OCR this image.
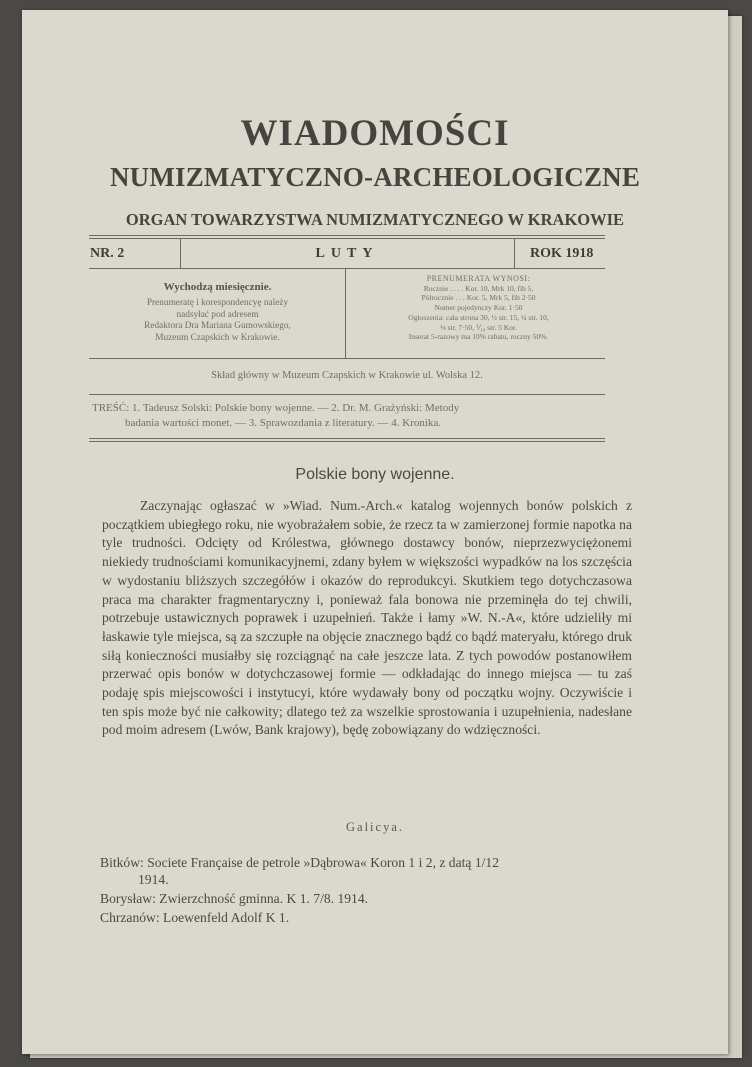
WIADOMOŚCI
NUMIZMATYCZNO-ARCHEOLOGICZNE
ORGAN TOWARZYSTWA NUMIZMATYCZNEGO W KRAKOWIE
NR. 2	LUTY	ROK 1918
Wychodzą miesięcznie.
Prenumeratę i korespondencyę należy
nadsyłać pod adresem
Redaktora Dra Mariana Gumowskiego,
Muzeum Czapskich w Krakowie.
PRENUMERATA WYNOSI:
Rocznie . . . . Kor. 10, Mrk 10, fib 5,
Półrocznie . . . Kor. 5, Mrk 5, fib 2·50
Numer pojedynczy Kor. 1·50
Ogłoszenia: cała strona 30, ½ str. 15, ¼ str. 10,
⅛ str. 7·50, ⅟₁₆ str. 5 Kor.
Inserat 5-razowy ma 10% rabatu, roczny 50%.
Skład główny w Muzeum Czapskich w Krakowie ul. Wolska 12.
TREŚĆ: 1. Tadeusz Solski: Polskie bony wojenne. — 2. Dr. M. Grażyński: Metody
badania wartości monet. — 3. Sprawozdania z literatury. — 4. Kronika.
Polskie bony wojenne.
Zaczynając ogłaszać w »Wiad. Num.-Arch.« katalog wojennych bonów polskich z początkiem ubiegłego roku, nie wyobrażałem sobie, że rzecz ta w zamierzonej formie napotka na tyle trudności. Odcięty od Królestwa, głównego dostawcy bonów, nieprzezwyciężonemi niekiedy trudnościami komunikacyjnemi, zdany byłem w większości wypadków na los szczęścia w wydostaniu bliższych szczegółów i okazów do reprodukcyi. Skutkiem tego dotychczasowa praca ma charakter fragmentaryczny i, ponieważ fala bonowa nie przeminęła do tej chwili, potrzebuje ustawicznych poprawek i uzupełnień. Także i łamy »W. N.-A«, które udzieliły mi łaskawie tyle miejsca, są za szczupłe na objęcie znacznego bądź co bądź materyału, którego druk siłą konieczności musiałby się rozciągnąć na całe jeszcze lata. Z tych powodów postanowiłem przerwać opis bonów w dotychczasowej formie — odkładając do innego miejsca — tu zaś podaję spis miejscowości i instytucyi, które wydawały bony od początku wojny. Oczywiście i ten spis może być nie całkowity; dlatego też za wszelkie sprostowania i uzupełnienia, nadesłane pod moim adresem (Lwów, Bank krajowy), będę zobowiązany do wdzięczności.
Galicya.
Bitków: Societe Française de petrole »Dąbrowa« Koron 1 i 2, z datą 1/12
1914.
Borysław: Zwierzchność gminna. K 1. 7/8. 1914.
Chrzanów: Loewenfeld Adolf K 1.
